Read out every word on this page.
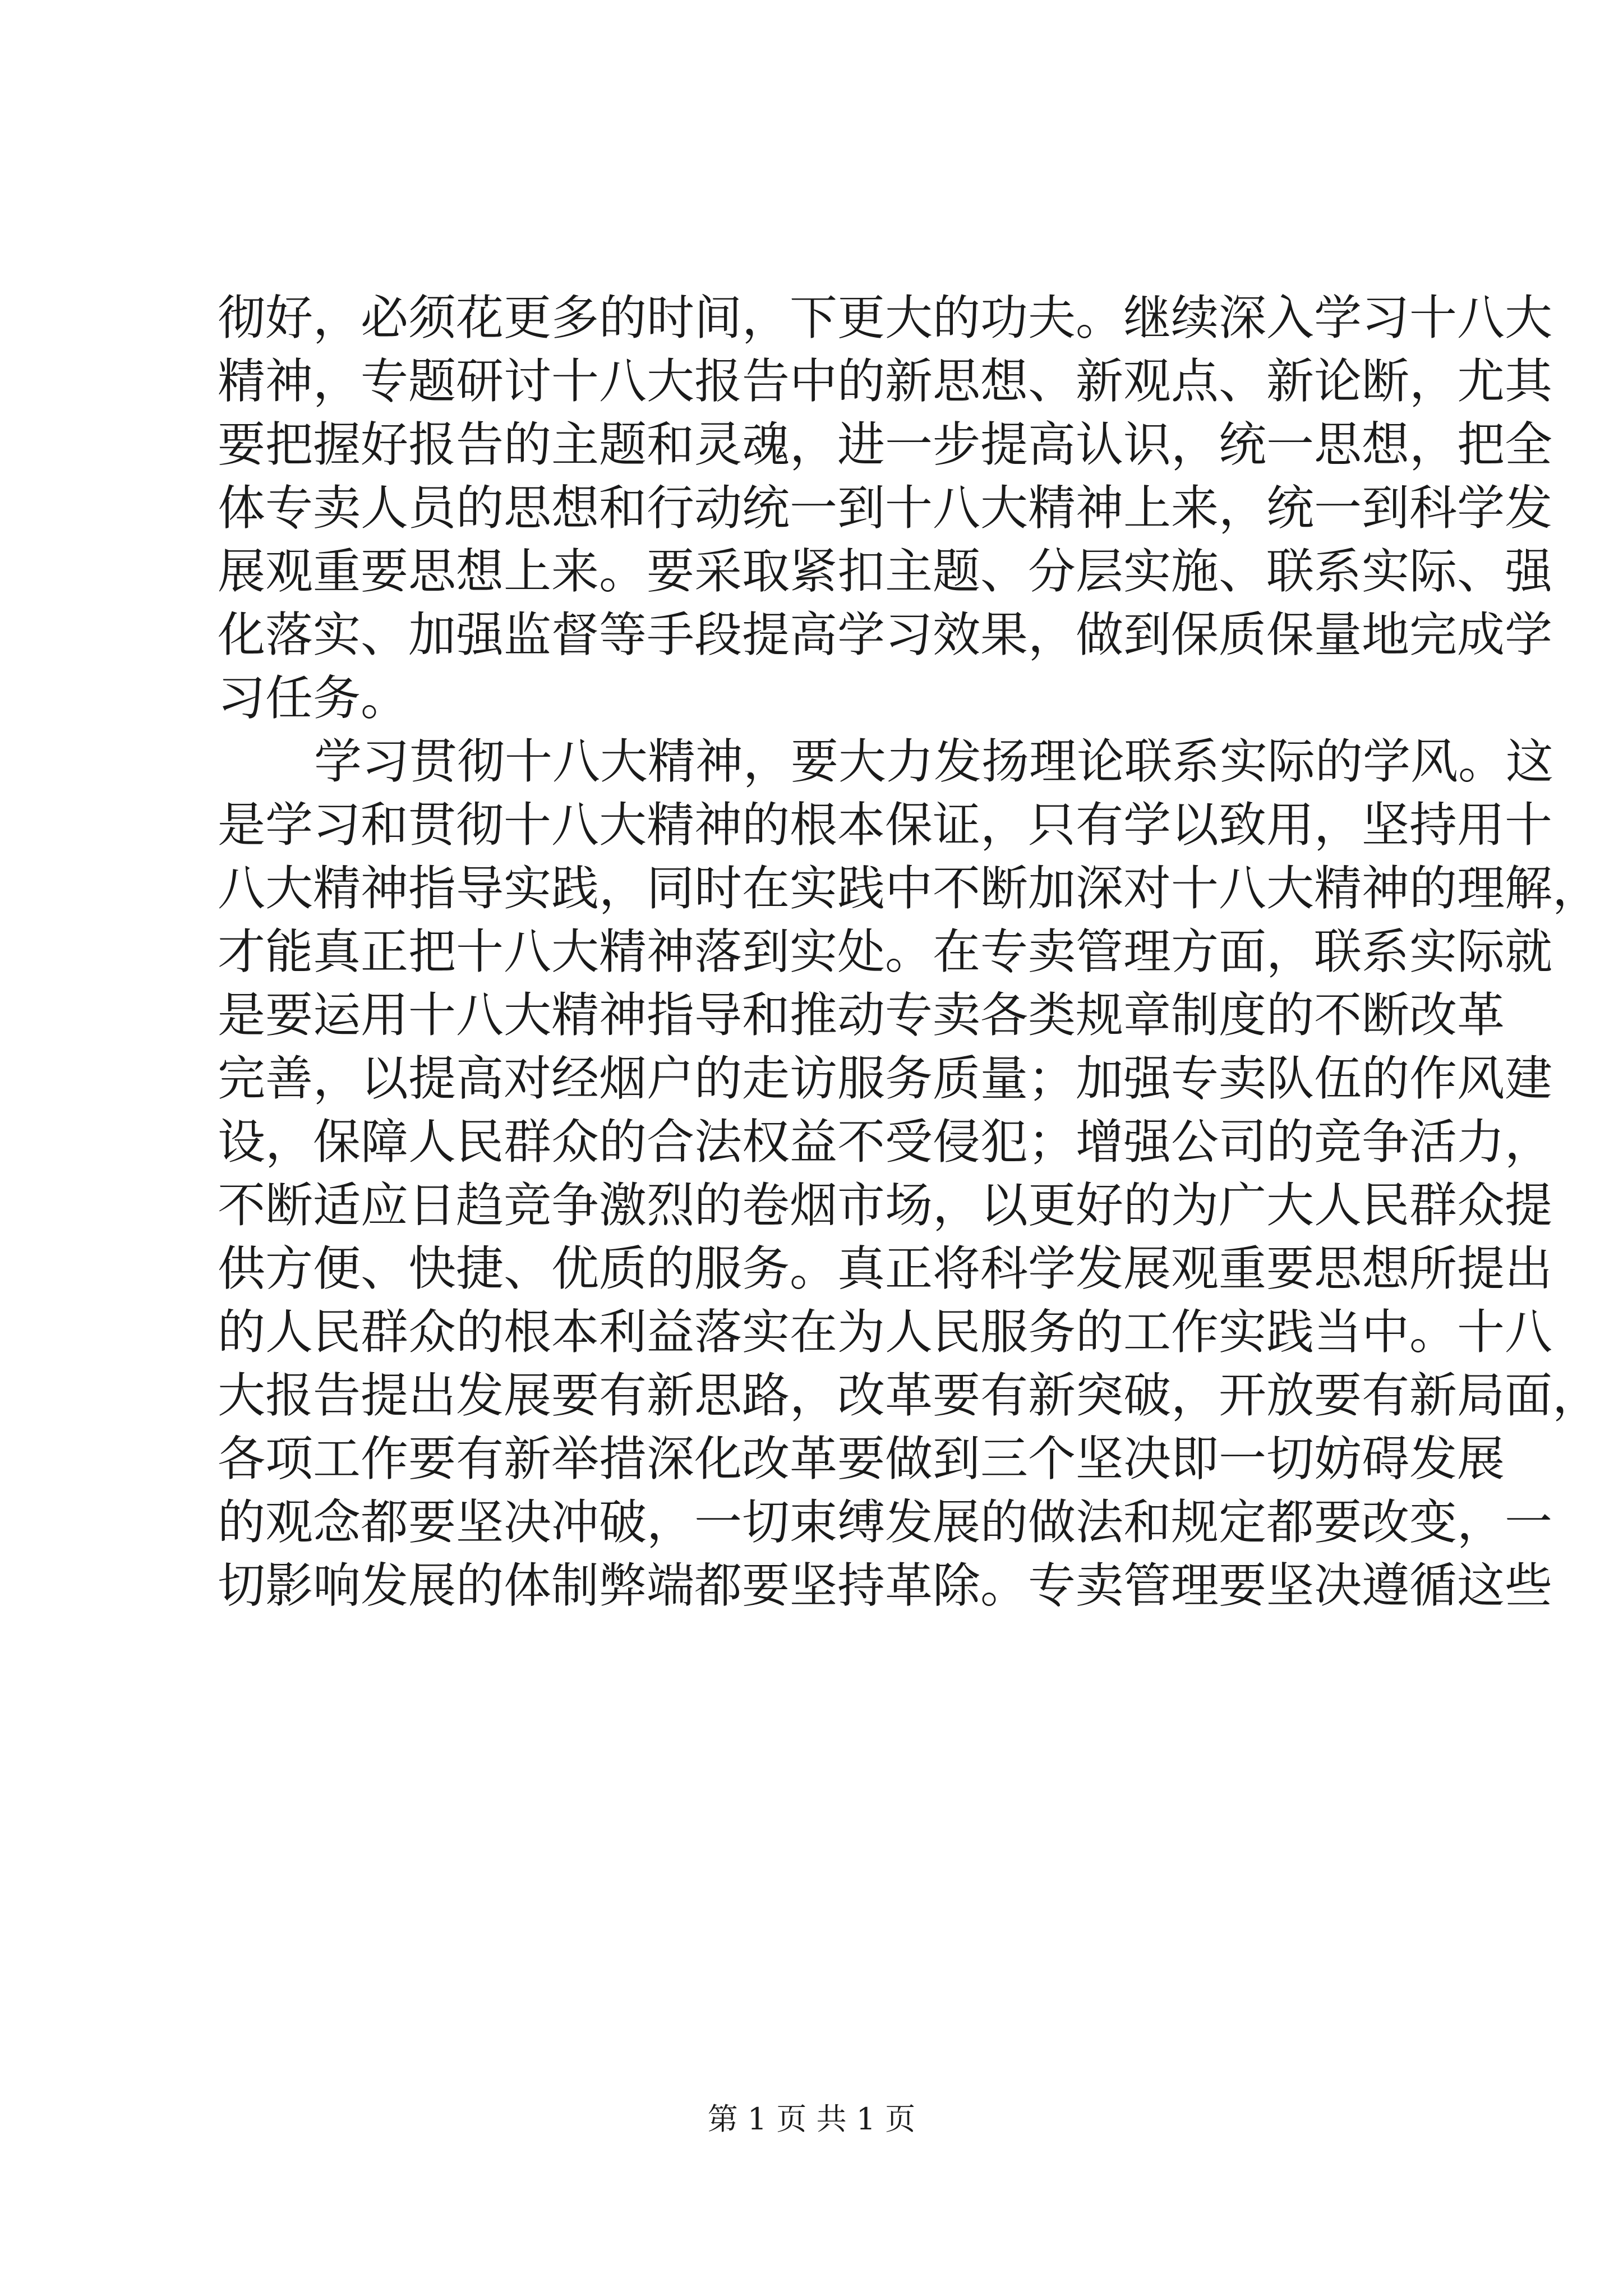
彻好，必须花更多的时间，下更大的功夫。继续深入学习十八大
精神，专题研讨十八大报告中的新思想、新观点、新论断，尤其
要把握好报告的主题和灵魂，进一步提高认识，统一思想，把全
体专卖人员的思想和行动统一到十八大精神上来，统一到科学发
展观重要思想上来。要采取紧扣主题、分层实施、联系实际、强
化落实、加强监督等手段提高学习效果，做到保质保量地完成学
习任务。
学习贯彻十八大精神，要大力发扬理论联系实际的学风。这
是学习和贯彻十八大精神的根本保证，只有学以致用，坚持用十
八大精神指导实践，同时在实践中不断加深对十八大精神的理解，
才能真正把十八大精神落到实处。在专卖管理方面，联系实际就
是要运用十八大精神指导和推动专卖各类规章制度的不断改革
完善，以提高对经烟户的走访服务质量；加强专卖队伍的作风建
设，保障人民群众的合法权益不受侵犯；增强公司的竞争活力，
不断适应日趋竞争激烈的卷烟市场，以更好的为广大人民群众提
供方便、快捷、优质的服务。真正将科学发展观重要思想所提出
的人民群众的根本利益落实在为人民服务的工作实践当中。十八
大报告提出发展要有新思路，改革要有新突破，开放要有新局面，
各项工作要有新举措深化改革要做到三个坚决即一切妨碍发展
的观念都要坚决冲破，一切束缚发展的做法和规定都要改变，一
切影响发展的体制弊端都要坚持革除。专卖管理要坚决遵循这些
第 1 页 共 1 页
